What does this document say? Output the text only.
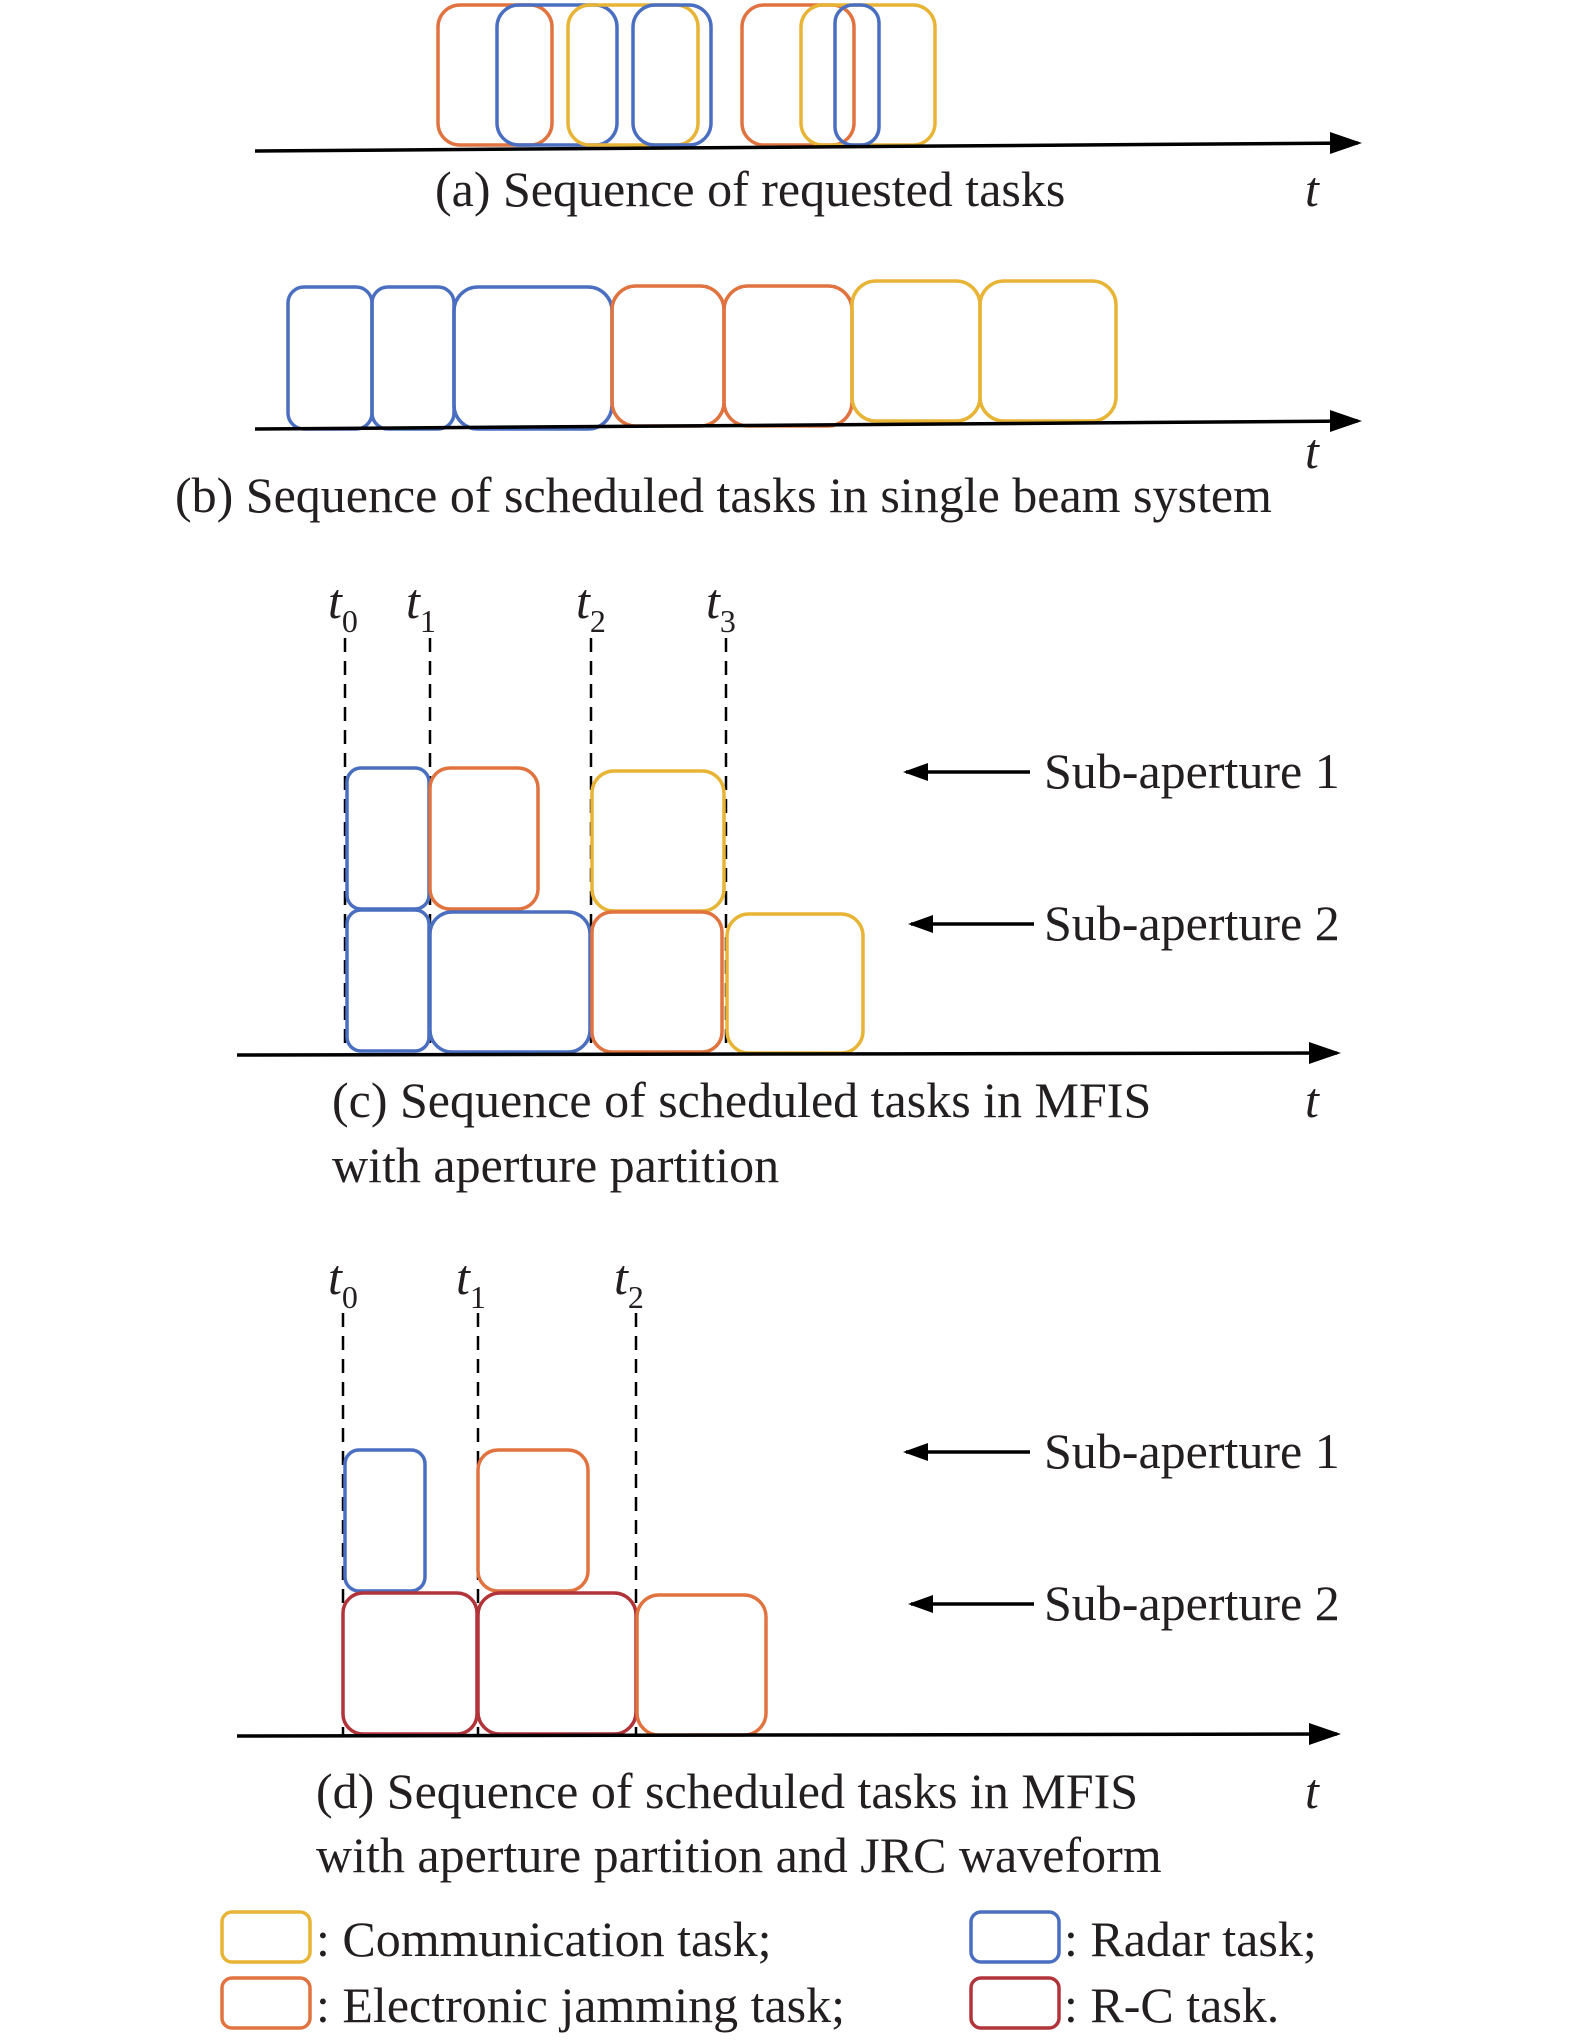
(a) Sequence of requested tasks	t
t
(b) Sequence of scheduled tasks in single beam system
$t_0$ $t_1$	$t_2$ $t_3$
Sub-aperture 1
Sub-aperture 2
(c) Sequence of scheduled tasks in MFIS	t
with aperture partition
$t_0$ $t_1$	$t_2$
Sub-aperture 1
Sub-aperture 2
(d) Sequence of scheduled tasks in MFIS	t
with aperture partition and JRC waveform
: Communication task;	: Radar task;
: Electronic jamming task;	: R-C task.
